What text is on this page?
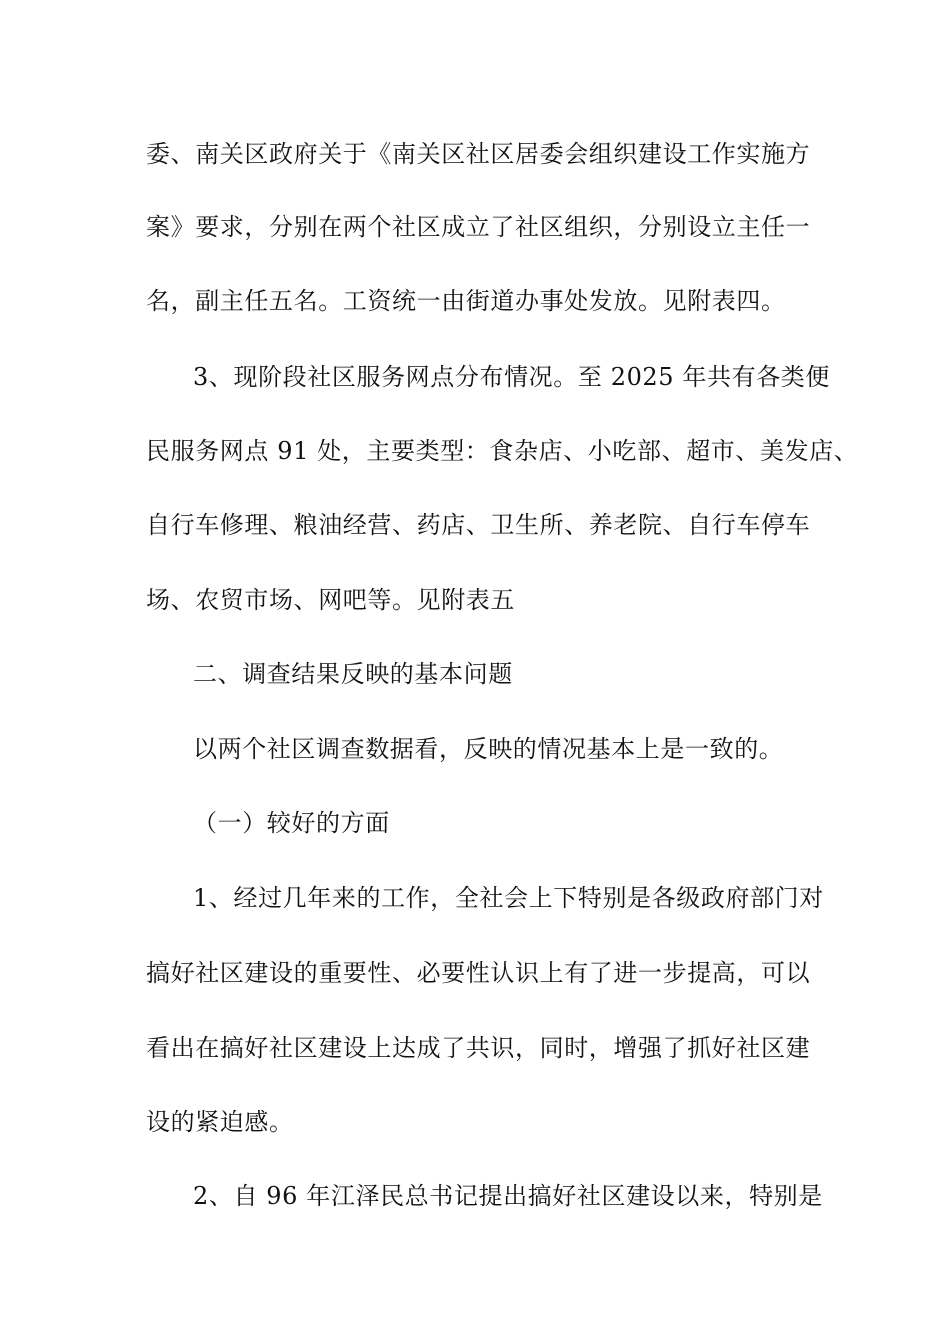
委、南关区政府关于《南关区社区居委会组织建设工作实施方
案》要求，分别在两个社区成立了社区组织，分别设立主任一
名，副主任五名。工资统一由街道办事处发放。见附表四。
3、现阶段社区服务网点分布情况。至 2025 年共有各类便
民服务网点 91 处，主要类型：食杂店、小吃部、超市、美发店、
自行车修理、粮油经营、药店、卫生所、养老院、自行车停车
场、农贸市场、网吧等。见附表五
二、调查结果反映的基本问题
以两个社区调查数据看，反映的情况基本上是一致的。
（一）较好的方面
1、经过几年来的工作，全社会上下特别是各级政府部门对
搞好社区建设的重要性、必要性认识上有了进一步提高，可以
看出在搞好社区建设上达成了共识，同时，增强了抓好社区建
设的紧迫感。
2、自 96 年江泽民总书记提出搞好社区建设以来，特别是
